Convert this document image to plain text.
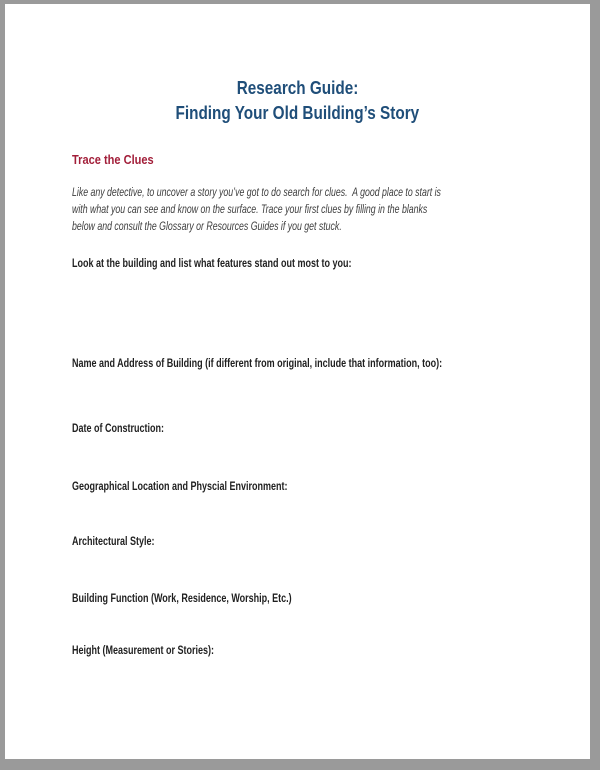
Research Guide:
Finding Your Old Building’s Story
Trace the Clues
Like any detective, to uncover a story you’ve got to do search for clues.  A good place to start is
with what you can see and know on the surface. Trace your first clues by filling in the blanks
below and consult the Glossary or Resources Guides if you get stuck.
Look at the building and list what features stand out most to you:
Name and Address of Building (if different from original, include that information, too):
Date of Construction:
Geographical Location and Physcial Environment:
Architectural Style:
Building Function (Work, Residence, Worship, Etc.)
Height (Measurement or Stories):
